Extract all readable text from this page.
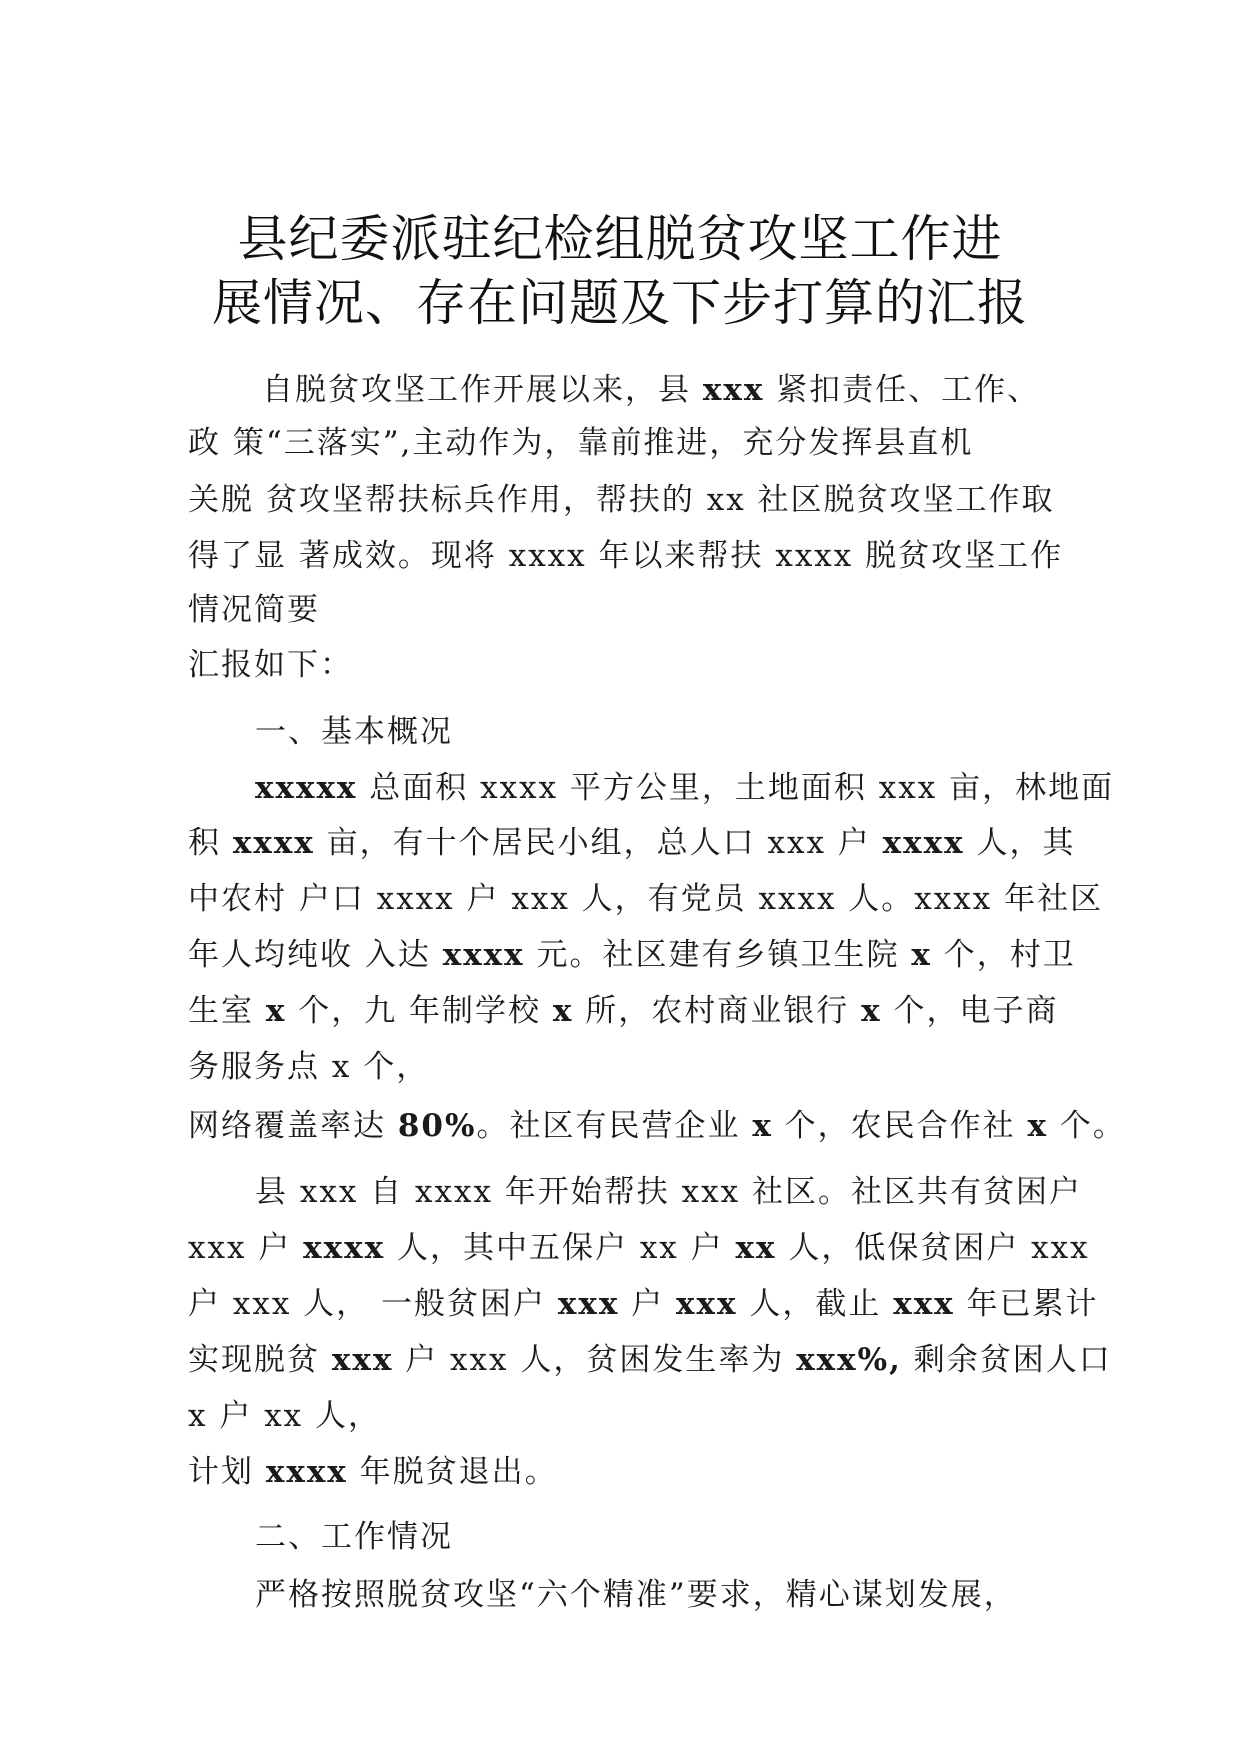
县纪委派驻纪检组脱贫攻坚工作进
展情况、存在问题及下步打算的汇报
自脱贫攻坚工作开展以来，县 xxx 紧扣责任、工作、
政 策“三落实”,主动作为，靠前推进，充分发挥县直机
关脱 贫攻坚帮扶标兵作用，帮扶的 xx 社区脱贫攻坚工作取
得了显 著成效。现将 xxxx 年以来帮扶 xxxx 脱贫攻坚工作
情况简要
汇报如下：
一、基本概况
xxxxx 总面积 xxxx 平方公里，土地面积 xxx 亩，林地面
积 xxxx 亩，有十个居民小组，总人口 xxx 户 xxxx 人，其
中农村 户口 xxxx 户 xxx 人，有党员 xxxx 人。xxxx 年社区
年人均纯收 入达 xxxx 元。社区建有乡镇卫生院 x 个，村卫
生室 x 个，九 年制学校 x 所，农村商业银行 x 个，电子商
务服务点 x 个，
网络覆盖率达 80%。社区有民营企业 x 个，农民合作社 x 个。
县 xxx 自 xxxx 年开始帮扶 xxx 社区。社区共有贫困户
xxx 户 xxxx 人，其中五保户 xx 户 xx 人，低保贫困户 xxx
户 xxx 人， 一般贫困户 xxx 户 xxx 人，截止 xxx 年已累计
实现脱贫 xxx 户 xxx 人，贫困发生率为 xxx%, 剩余贫困人口
x 户 xx 人，
计划 xxxx 年脱贫退出。
二、工作情况
严格按照脱贫攻坚“六个精准”要求，精心谋划发展，
